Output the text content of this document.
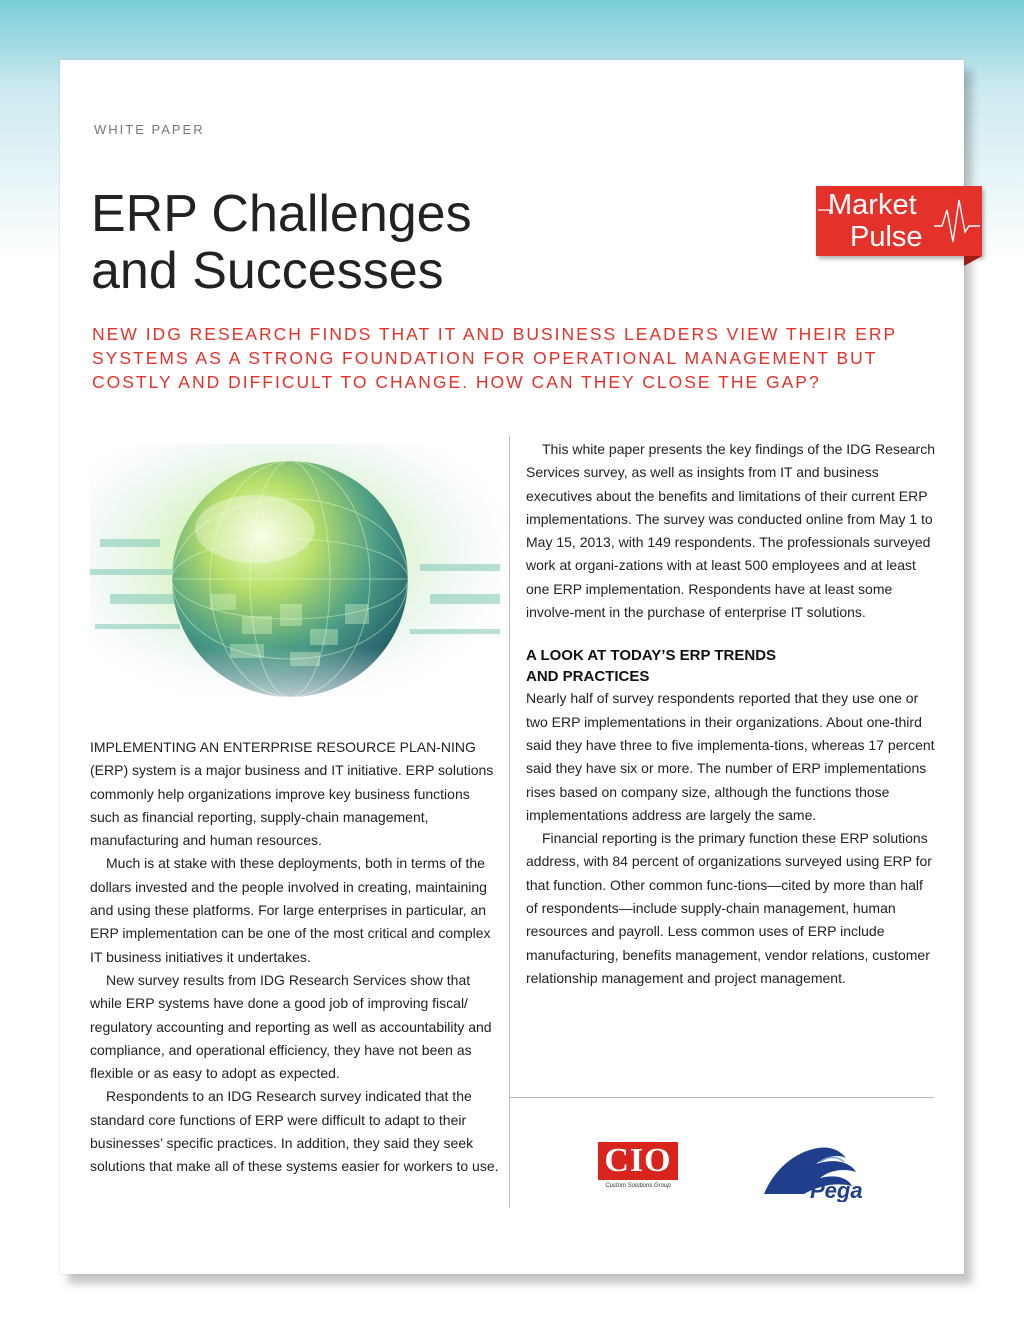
WHITE PAPER
ERP Challenges
and Successes
Market
Pulse

NEW IDG RESEARCH FINDS THAT IT AND BUSINESS LEADERS VIEW THEIR ERP SYSTEMS AS A STRONG FOUNDATION FOR OPERATIONAL MANAGEMENT BUT COSTLY AND DIFFICULT TO CHANGE. HOW CAN THEY CLOSE THE GAP?

IMPLEMENTING AN ENTERPRISE RESOURCE PLAN-NING (ERP) system is a major business and IT initiative. ERP solutions commonly help organizations improve key business functions such as financial reporting, supply-chain management, manufacturing and human resources.

Much is at stake with these deployments, both in terms of the dollars invested and the people involved in creating, maintaining and using these platforms. For large enterprises in particular, an ERP implementation can be one of the most critical and complex IT business initiatives it undertakes.

New survey results from IDG Research Services show that while ERP systems have done a good job of improving fiscal/ regulatory accounting and reporting as well as accountability and compliance, and operational efficiency, they have not been as flexible or as easy to adopt as expected.

Respondents to an IDG Research survey indicated that the standard core functions of ERP were difficult to adapt to their businesses’ specific practices. In addition, they said they seek solutions that make all of these systems easier for workers to use.

This white paper presents the key findings of the IDG Research Services survey, as well as insights from IT and business executives about the benefits and limitations of their current ERP implementations. The survey was conducted online from May 1 to May 15, 2013, with 149 respondents. The professionals surveyed work at organi-zations with at least 500 employees and at least one ERP implementation. Respondents have at least some involve-ment in the purchase of enterprise IT solutions.

A LOOK AT TODAY’S ERP TRENDS
AND PRACTICES

Nearly half of survey respondents reported that they use one or two ERP implementations in their organizations. About one-third said they have three to five implementa-tions, whereas 17 percent said they have six or more. The number of ERP implementations rises based on company size, although the functions those implementations address are largely the same.

Financial reporting is the primary function these ERP solutions address, with 84 percent of organizations surveyed using ERP for that function. Other common func-tions—cited by more than half of respondents—include supply-chain management, human resources and payroll. Less common uses of ERP include manufacturing, benefits management, vendor relations, customer relationship management and project management.

CIO
Custom Solutions Group	Pega
